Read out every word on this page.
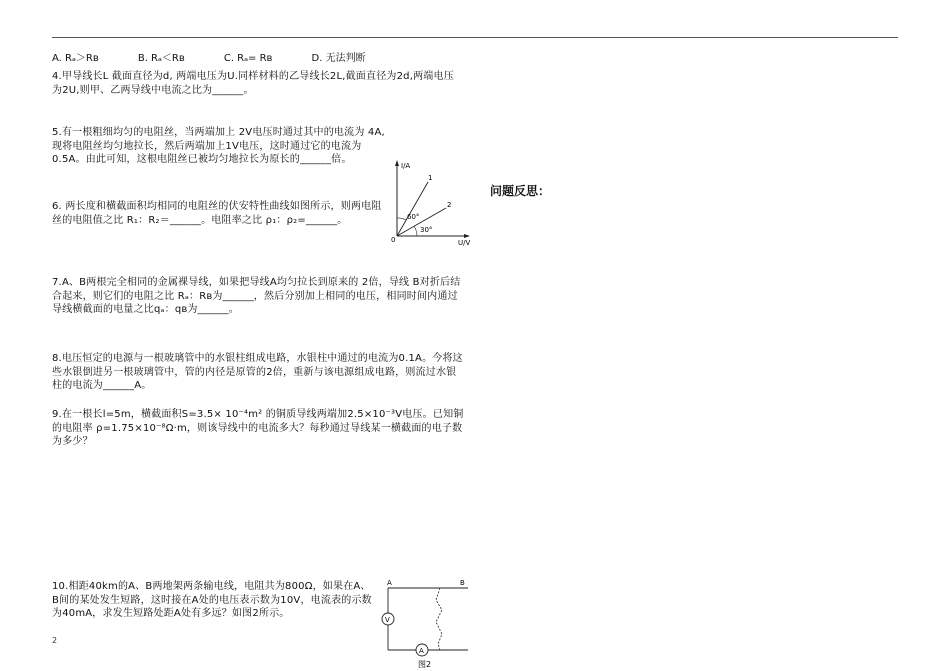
A. Rₐ＞Rʙ	B. Rₐ＜Rʙ	C. Rₐ= Rʙ	D. 无法判断

4.甲导线长L 截面直径为d, 两端电压为U.同样材料的乙导线长2L,截面直径为2d,两端电压为2U,则甲、乙两导线中电流之比为______。

5.有一根粗细均匀的电阻丝，当两端加上 2V电压时通过其中的电流为 4A,现将电阻丝均匀地拉长，然后两端加上1V电压，这时通过它的电流为0.5A。由此可知，这根电阻丝已被均匀地拉长为原长的______倍。

6. 两长度和横截面积均相同的电阻丝的伏安特性曲线如图所示，则两电阻丝的电阻值之比 R₁：R₂＝______。电阻率之比 ρ₁：ρ₂=______。

I/A
U/V
0
1
2
60°
30°
问题反思：

7.A、B两根完全相同的金属裸导线，如果把导线A均匀拉长到原来的 2倍，导线 B对折后结合起来，则它们的电阻之比 Rₐ：Rʙ为______，然后分别加上相同的电压，相同时间内通过导线横截面的电量之比qₐ：qʙ为______。

8.电压恒定的电源与一根玻璃管中的水银柱组成电路，水银柱中通过的电流为0.1A。今将这些水银倒进另一根玻璃管中，管的内径是原管的2倍，重新与该电源组成电路，则流过水银柱的电流为______A。

9.在一根长l=5m，横截面积S=3.5× 10⁻⁴m² 的铜质导线两端加2.5×10⁻³V电压。已知铜的电阻率 ρ=1.75×10⁻⁸Ω·m，则该导线中的电流多大？每秒通过导线某一横截面的电子数为多少？

10.相距40km的A、B两地架两条输电线，电阻共为800Ω，如果在A、B间的某处发生短路，这时接在A处的电压表示数为10V，电流表的示数为40mA，求发生短路处距A处有多远？如图2所示。

A	B
V
A
图2
2
